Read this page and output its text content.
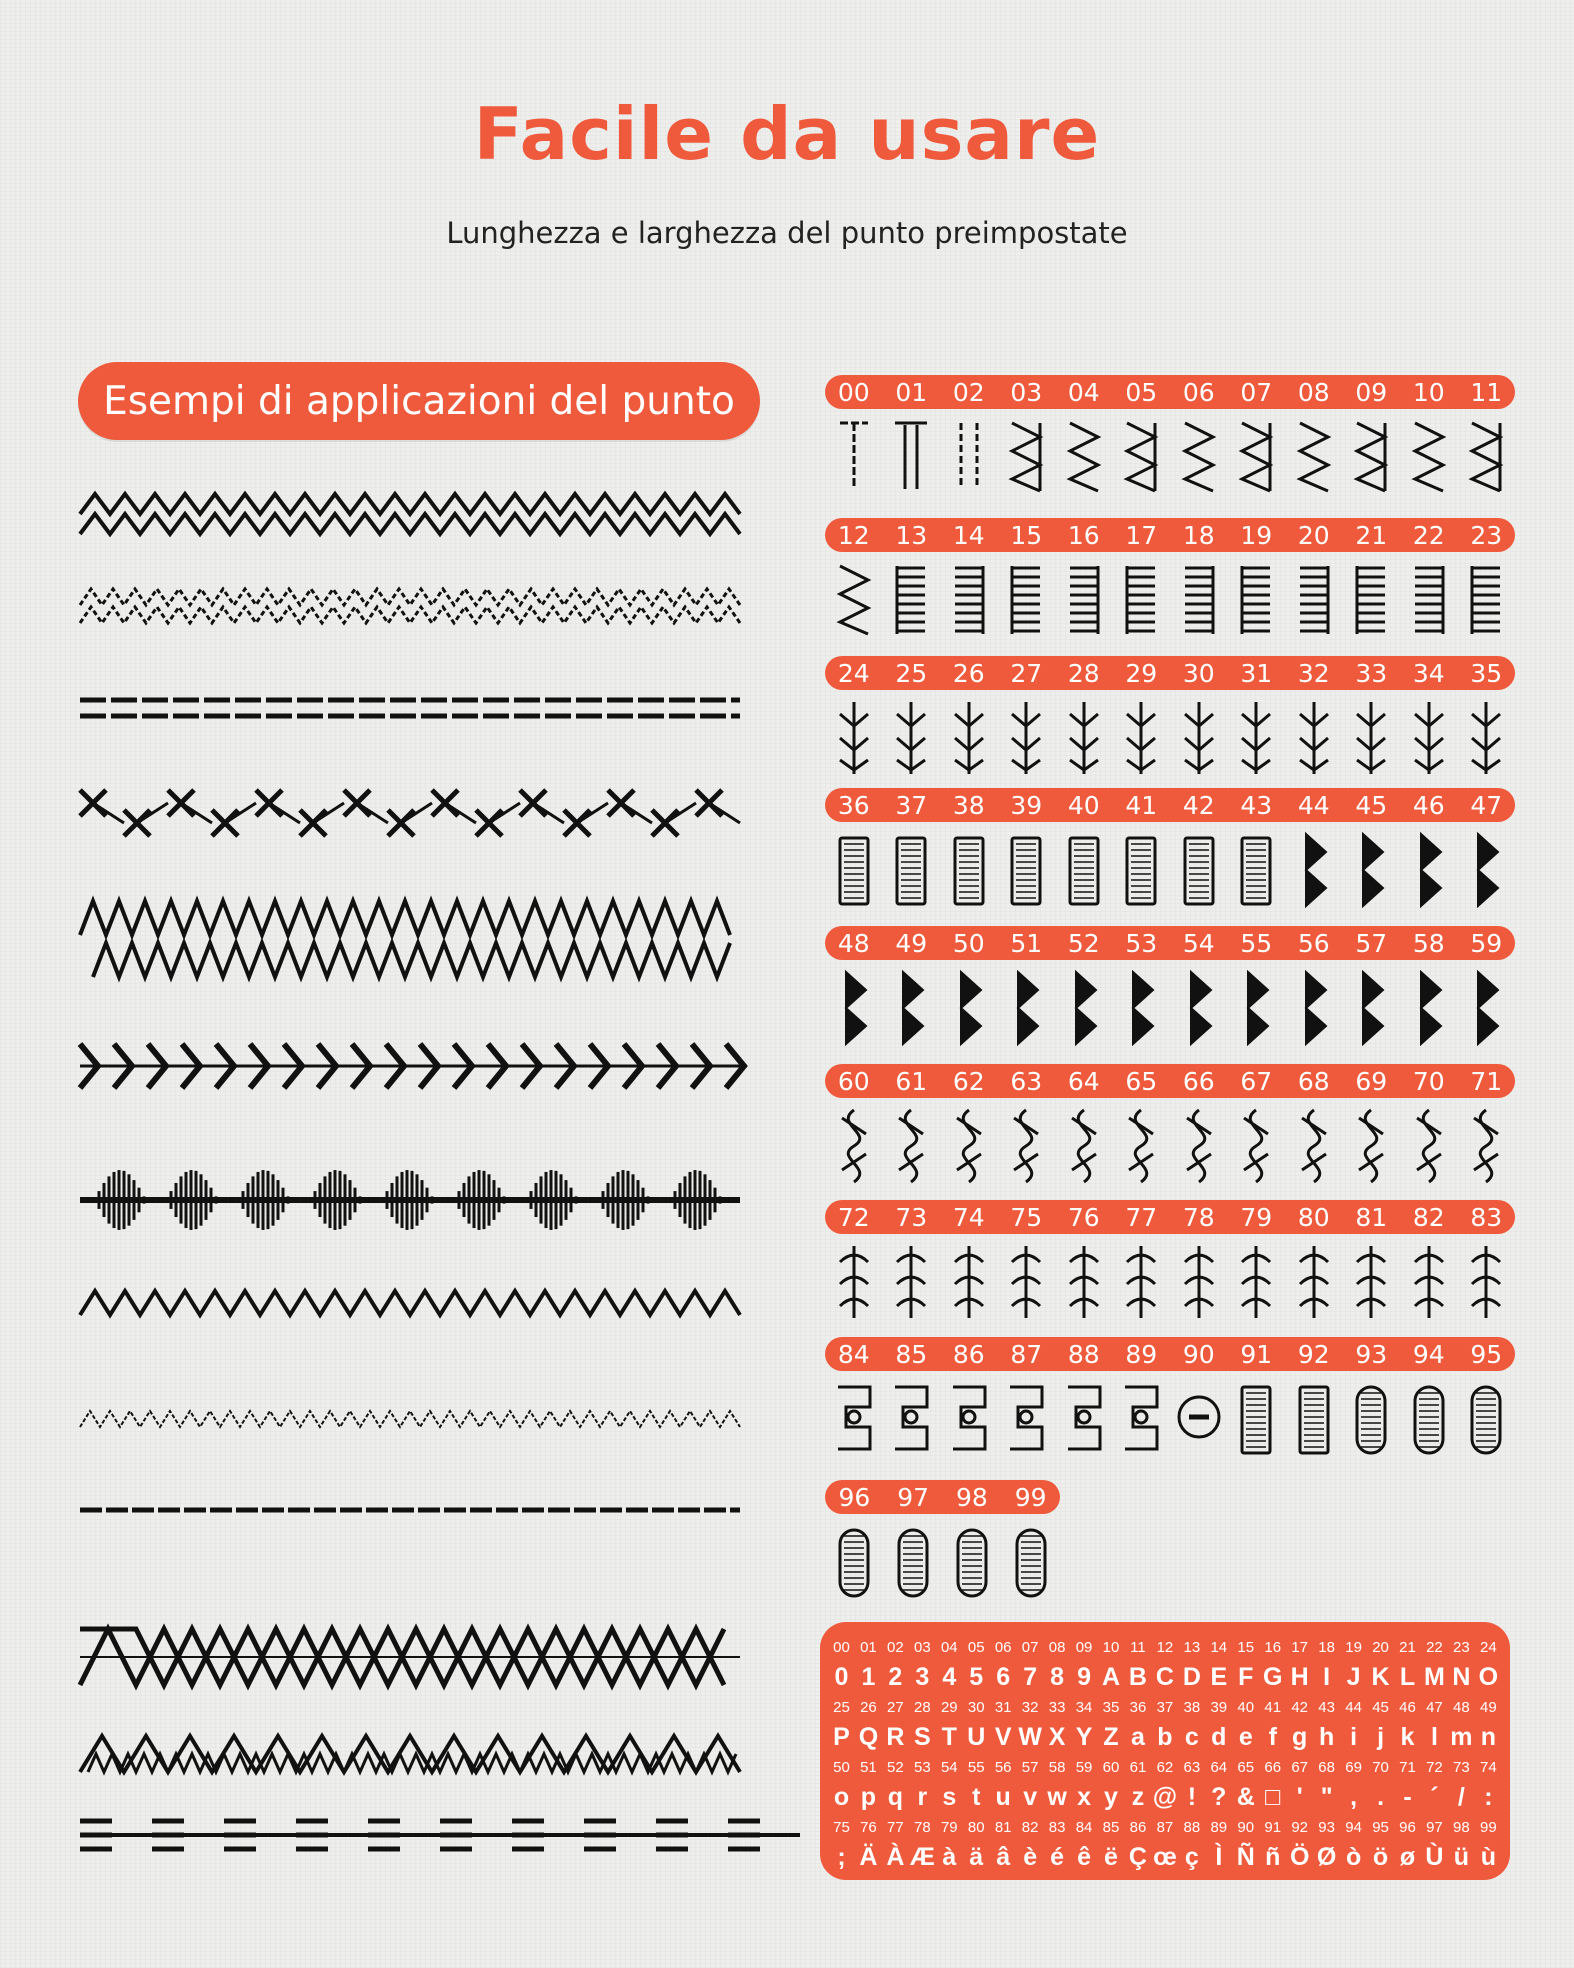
Facile da usare
Lunghezza e larghezza del punto preimpostate
Esempi di applicazioni del punto	00	01	02	03	04	05	06	07	08	09	10	11
12	13	14	15	16	17	18	19	20	21	22	23
24	25	26	27	28	29	30	31	32	33	34	35
36	37	38	39	40	41	42	43	44	45	46	47
48	49	50	51	52	53	54	55	56	57	58	59
60	61	62	63	64	65	66	67	68	69	70	71
72	73	74	75	76	77	78	79	80	81	82	83
84	85	86	87	88	89	90	91	92	93	94	95
96	97	98	99
00 01 02 03 04 05 06 07 08 09 10 11 12 13 14 15 16 17 18 19 20 21 22 23 24
0 1 2 3 4 5 6 7 8 9 A B C D E F G H I J K L M N O
25 26 27 28 29 30 31 32 33 34 35 36 37 38 39 40 41 42 43 44 45 46 47 48 49
P Q R S T U V W X Y Z a b c d e f g h i j k l m n
50 51 52 53 54 55 56 57 58 59 60 61 62 63 64 65 66 67 68 69 70 71 72 73 74
o p q r s t u v w x y z @ ! ? & □ ' " , . - ´ / :
75 76 77 78 79 80 81 82 83 84 85 86 87 88 89 90 91 92 93 94 95 96 97 98 99
; Ä À Æ à ä â è é ê ë Ç œ ç Ì Ñ ñ Ö Ø ò ö ø Ù ü ù
